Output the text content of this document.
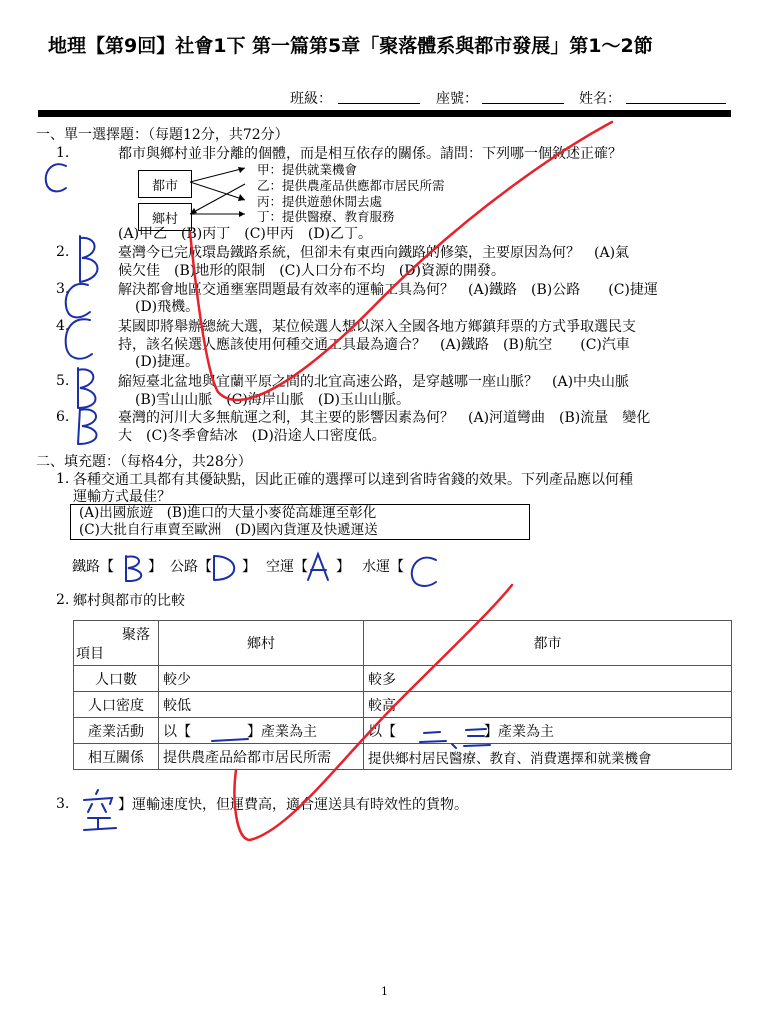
地理【第9回】社會1下 第一篇第5章「聚落體系與都市發展」第1〜2節
班級：	座號：	姓名：
一、單一選擇題：（每題12分，共72分）
1.	都市與鄉村並非分離的個體，而是相互依存的關係。請問：下列哪一個敘述正確？
都市
鄉村
甲：提供就業機會
乙：提供農產品供應都市居民所需
丙：提供遊憩休閒去處
丁：提供醫療、教育服務
(A)甲乙　(B)丙丁　(C)甲丙　(D)乙丁。
2.	臺灣今已完成環島鐵路系統，但卻未有東西向鐵路的修築，主要原因為何？　(A)氣
候欠佳　(B)地形的限制　(C)人口分布不均　(D)資源的開發。
3.	解決都會地區交通壅塞問題最有效率的運輸工具為何？　(A)鐵路　(B)公路　　(C)捷運
(D)飛機。
4.	某國即將舉辦總統大選，某位候選人想以深入全國各地方鄉鎮拜票的方式爭取選民支
持，該名候選人應該使用何種交通工具最為適合？　(A)鐵路　(B)航空　　(C)汽車
(D)捷運。
5.	縮短臺北盆地與宜蘭平原之間的北宜高速公路，是穿越哪一座山脈？　(A)中央山脈
(B)雪山山脈　(C)海岸山脈　(D)玉山山脈。
6.	臺灣的河川大多無航運之利，其主要的影響因素為何？　(A)河道彎曲　(B)流量　變化
大　(C)冬季會結冰　(D)沿途人口密度低。
二、填充題：（每格4分，共28分）
1. 各種交通工具都有其優缺點，因此正確的選擇可以達到省時省錢的效果。下列產品應以何種
運輸方式最佳？
(A)出國旅遊　(B)進口的大量小麥從高雄運至彰化
(C)大批自行車賣至歐洲　(D)國內貨運及快遞運送
鐵路【 】 公路【 】 空運【 】 水運【
2. 鄉村與都市的比較
聚落
項目	鄉村	都市
人口數	較少	較多
人口密度	較低	較高
產業活動	以【 】產業為主	以【 】產業為主
相互關係	提供農產品給都市居民所需	提供鄉村居民醫療、教育、消費選擇和就業機會
3.	】運輸速度快，但運費高，適合運送具有時效性的貨物。
1
